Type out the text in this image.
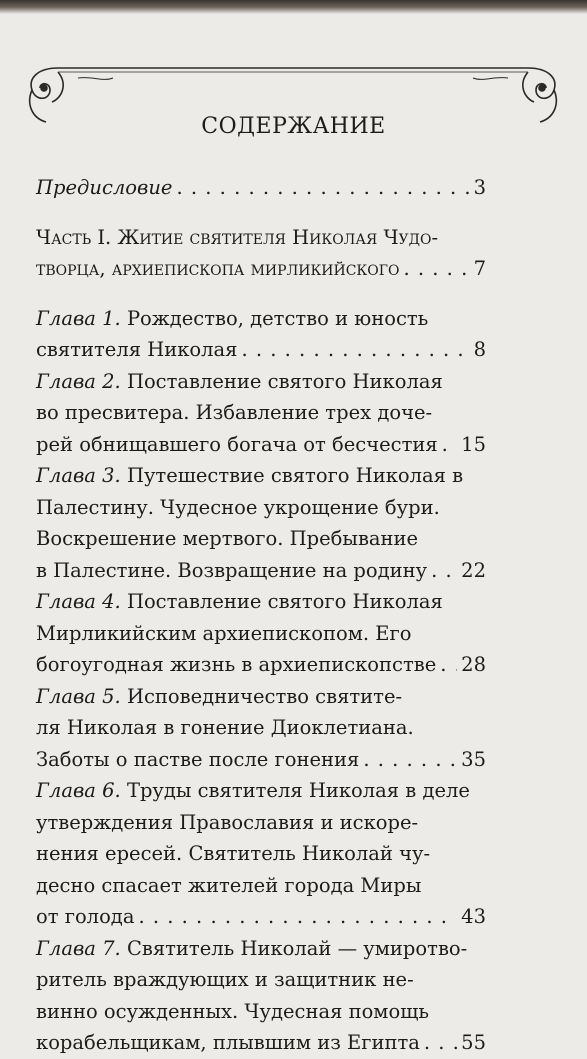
СОДЕРЖАНИЕ
Предисловие . . .	3
Часть I. Житие святителя Николая Чудо-
творца, архиепископа мирликийского . . .	7
Глава 1. Рождество, детство и юность
святителя Николая . . .	8
Глава 2. Поставление святого Николая
во пресвитера. Избавление трех доче-
рей обнищавшего богача от бесчестия . . . 15
Глава 3. Путешествие святого Николая в
Палестину. Чудесное укрощение бури.
Воскрешение мертвого. Пребывание
в Палестине. Возвращение на родину . . . 22
Глава 4. Поставление святого Николая
Мирликийским архиепископом. Его
богоугодная жизнь в архиепископстве . . . 28
Глава 5. Исповедничество святите-
ля Николая в гонение Диоклетиана.
Заботы о пастве после гонения . . .	35
Глава 6. Труды святителя Николая в деле
утверждения Православия и искоре-
нения ересей. Святитель Николай чу-
десно спасает жителей города Миры
от голода . . .	43
Глава 7. Святитель Николай — умиротво-
ритель враждующих и защитник не-
винно осужденных. Чудесная помощь
корабельщикам, плывшим из Египта . . . 55
